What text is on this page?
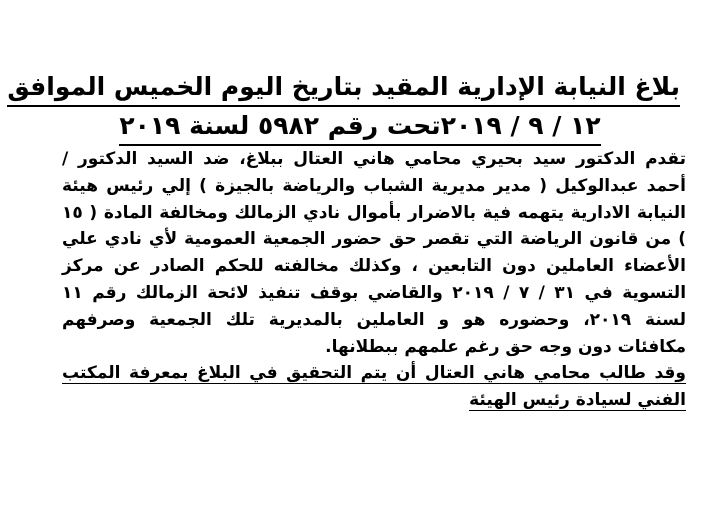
بلاغ النيابة الإدارية المقيد بتاريخ اليوم الخميس الموافق
١٢ / ٩ / ٢٠١٩تحت رقم ٥٩٨٢ لسنة ٢٠١٩

تقدم الدكتور سيد بحيري محامي هاني العتال ببلاغ، ضد السيد الدكتور / أحمد عبدالوكيل ( مدير مديرية الشباب والرياضة بالجيزة ) إلي رئيس هيئة النيابة الادارية يتهمه فية بالاضرار بأموال نادي الزمالك ومخالفة المادة ( ١٥ ) من قانون الرياضة التي تقصر حق حضور الجمعية العمومية لأي نادي علي الأعضاء العاملين دون التابعين ، وكذلك مخالفته للحكم الصادر عن مركز التسوية في ٣١ / ٧ / ٢٠١٩ والقاضي بوقف تنفيذ لائحة الزمالك رقم ١١ لسنة ٢٠١٩، وحضوره هو و العاملين بالمديرية تلك الجمعية وصرفهم مكافئات دون وجه حق رغم علمهم ببطلانها.

وقد طالب محامي هاني العتال أن يتم التحقيق في البلاغ بمعرفة المكتب الفني لسيادة رئيس الهيئة
